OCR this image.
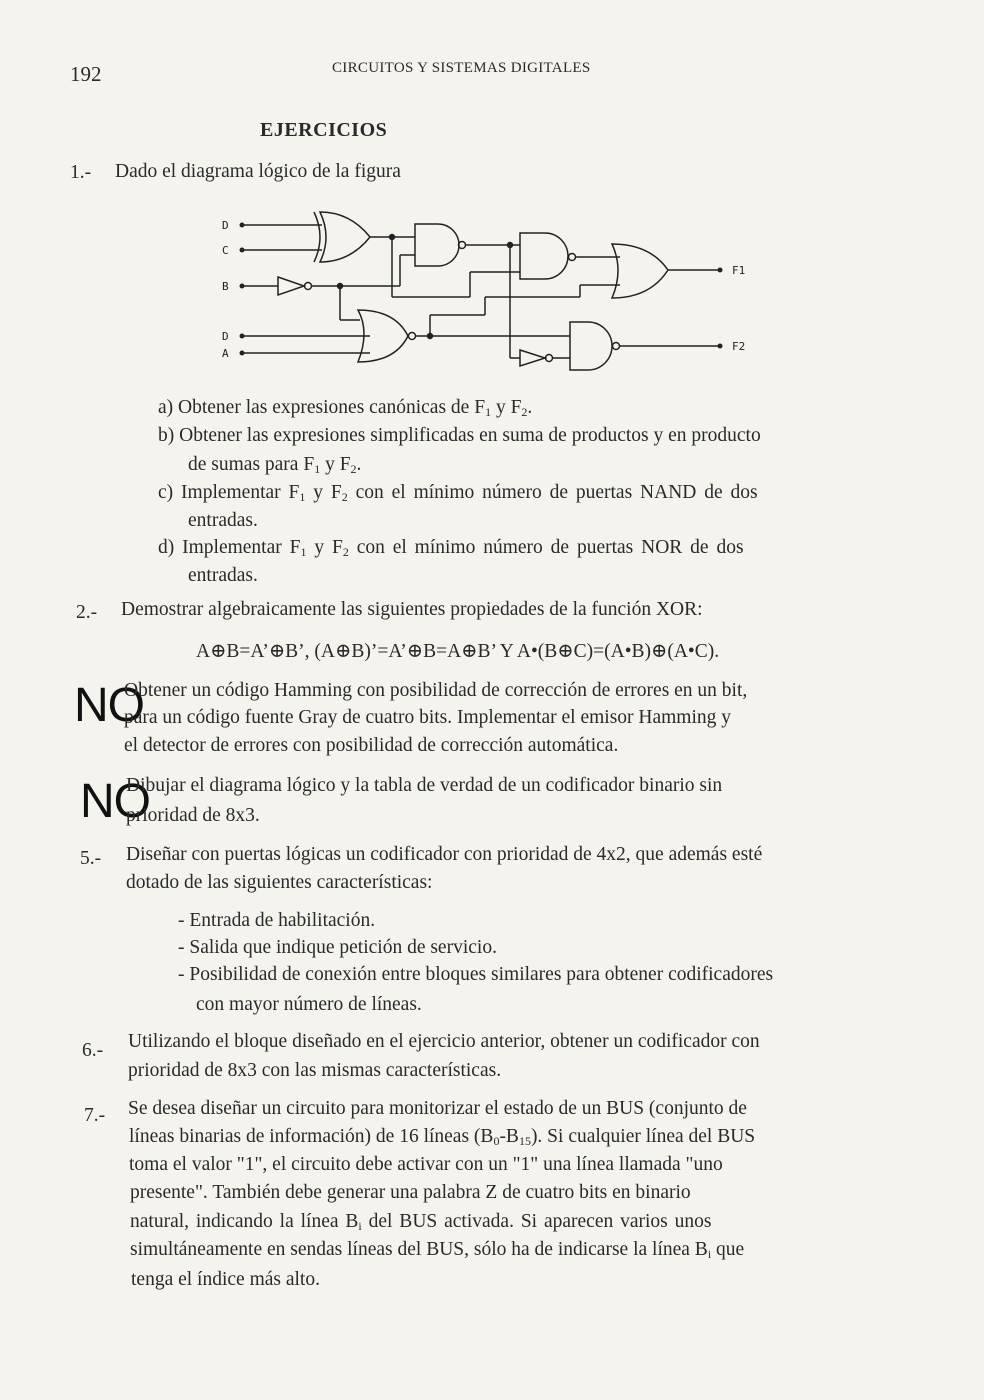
192	CIRCUITOS Y SISTEMAS DIGITALES
EJERCICIOS
1.- Dado el diagrama lógico de la figura
D
C
B
D
A
F1
F2
a) Obtener las expresiones canónicas de $F_1$ y $F_2$.
b) Obtener las expresiones simplificadas en suma de productos y en producto
de sumas para $F_1$ y $F_2$.
c) Implementar $F_1$ y $F_2$ con el mínimo número de puertas NAND de dos
entradas.
d) Implementar $F_1$ y $F_2$ con el mínimo número de puertas NOR de dos
entradas.
2.- Demostrar algebraicamente las siguientes propiedades de la función XOR:
A⊕B=A’⊕B’, (A⊕B)’=A’⊕B=A⊕B’ Y A•(B⊕C)=(A•B)⊕(A•C).
NO
Obtener un código Hamming con posibilidad de corrección de errores en un bit,
para un código fuente Gray de cuatro bits. Implementar el emisor Hamming y
el detector de errores con posibilidad de corrección automática.
NO
Dibujar el diagrama lógico y la tabla de verdad de un codificador binario sin
prioridad de 8x3.
5.- Diseñar con puertas lógicas un codificador con prioridad de 4x2, que además esté
dotado de las siguientes características:
- Entrada de habilitación.
- Salida que indique petición de servicio.
- Posibilidad de conexión entre bloques similares para obtener codificadores
con mayor número de líneas.
6.- Utilizando el bloque diseñado en el ejercicio anterior, obtener un codificador con
prioridad de 8x3 con las mismas características.
7.- Se desea diseñar un circuito para monitorizar el estado de un BUS (conjunto de
líneas binarias de información) de 16 líneas $(B_0-B_{15})$. Si cualquier línea del BUS
toma el valor "1", el circuito debe activar con un "1" una línea llamada "uno
presente". También debe generar una palabra Z de cuatro bits en binario
natural, indicando la línea $B_i$ del BUS activada. Si aparecen varios unos
simultáneamente en sendas líneas del BUS, sólo ha de indicarse la línea $B_i$ que
tenga el índice más alto.
